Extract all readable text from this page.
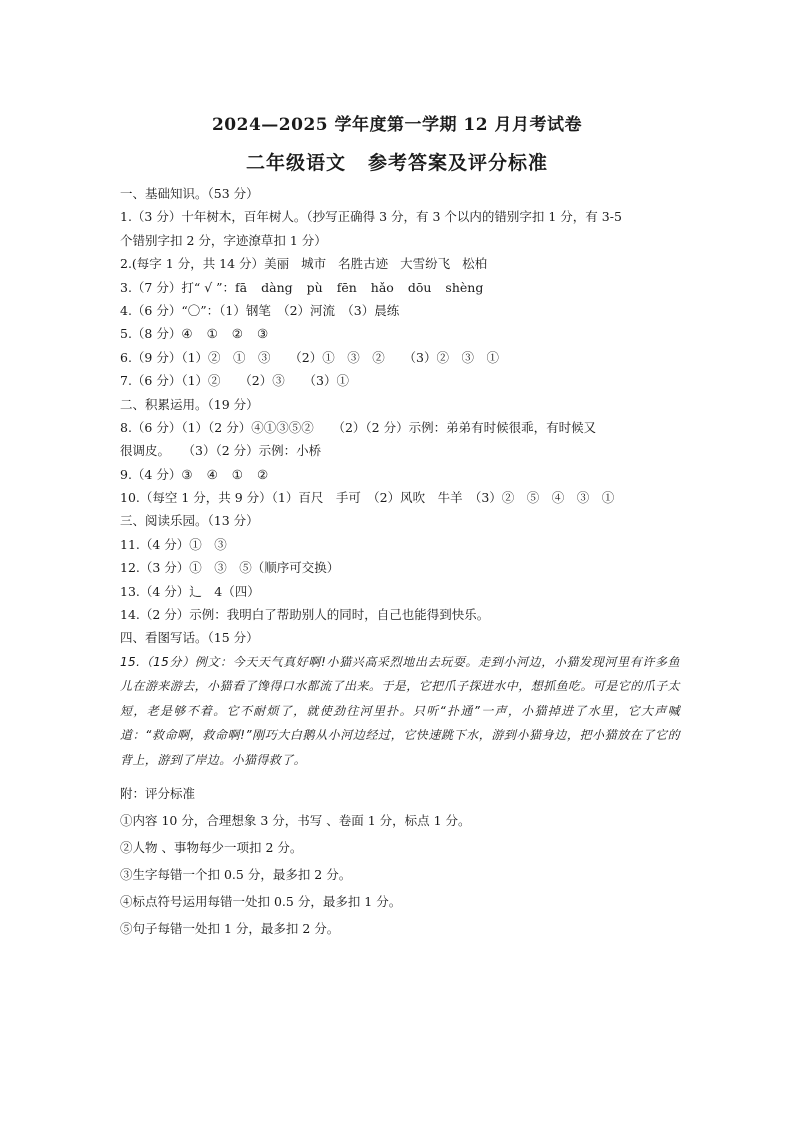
2024—2025 学年度第一学期 12 月月考试卷
二年级语文 参考答案及评分标准
一、基础知识。（53 分）
1.（3 分）十年树木，百年树人。（抄写正确得 3 分，有 3 个以内的错别字扣 1 分，有 3-5
个错别字扣 2 分，字迹潦草扣 1 分）
2.(每字 1 分，共 14 分）美丽 城市 名胜古迹 大雪纷飞 松柏
3.（7 分）打“ √ ”：fā dàng pù fēn hǎo dōu shèng
4.（6 分）“〇”：（1）钢笔　（2）河流　（3）晨练
5.（8 分）④ ① ② ③
6.（9 分）（1）②　①　③　　（2）①　③　②　　（3）②　③　①
7.（6 分）（1）②　　（2）③　　（3）①
二、积累运用。（19 分）
8.（6 分）（1）（2 分）④①③⑤②　　（2）（2 分）示例：弟弟有时候很乖，有时候又
很调皮。　　（3）（2 分）示例：小桥
9.（4 分）③ ④ ① ②
10.（每空 1 分，共 9 分）（1）百尺　手可　（2）风吹　牛羊　（3）②　⑤　④　③　①
三、阅读乐园。（13 分）
11.（4 分）①　③
12.（3 分）①　③　⑤（顺序可交换）
13.（4 分）辶　4（四）
14.（2 分）示例：我明白了帮助别人的同时，自己也能得到快乐。
四、看图写话。（15 分）
15.（15分）例文：今天天气真好啊!小猫兴高采烈地出去玩耍。走到小河边，小猫发现河里有许多鱼儿在游来游去，小猫看了馋得口水都流了出来。于是，它把爪子探进水中，想抓鱼吃。可是它的爪子太短，老是够不着。它不耐烦了，就使劲往河里扑。只听“扑通”一声，小猫掉进了水里，它大声喊道：“救命啊，救命啊!”刚巧大白鹅从小河边经过，它快速跳下水，游到小猫身边，把小猫放在了它的背上，游到了岸边。小猫得救了。
附：评分标准
①内容 10 分，合理想象 3 分，书写 、卷面 1 分，标点 1 分。
②人物 、事物每少一项扣 2 分。
③生字每错一个扣 0.5 分，最多扣 2 分。
④标点符号运用每错一处扣 0.5 分，最多扣 1 分。
⑤句子每错一处扣 1 分，最多扣 2 分。
